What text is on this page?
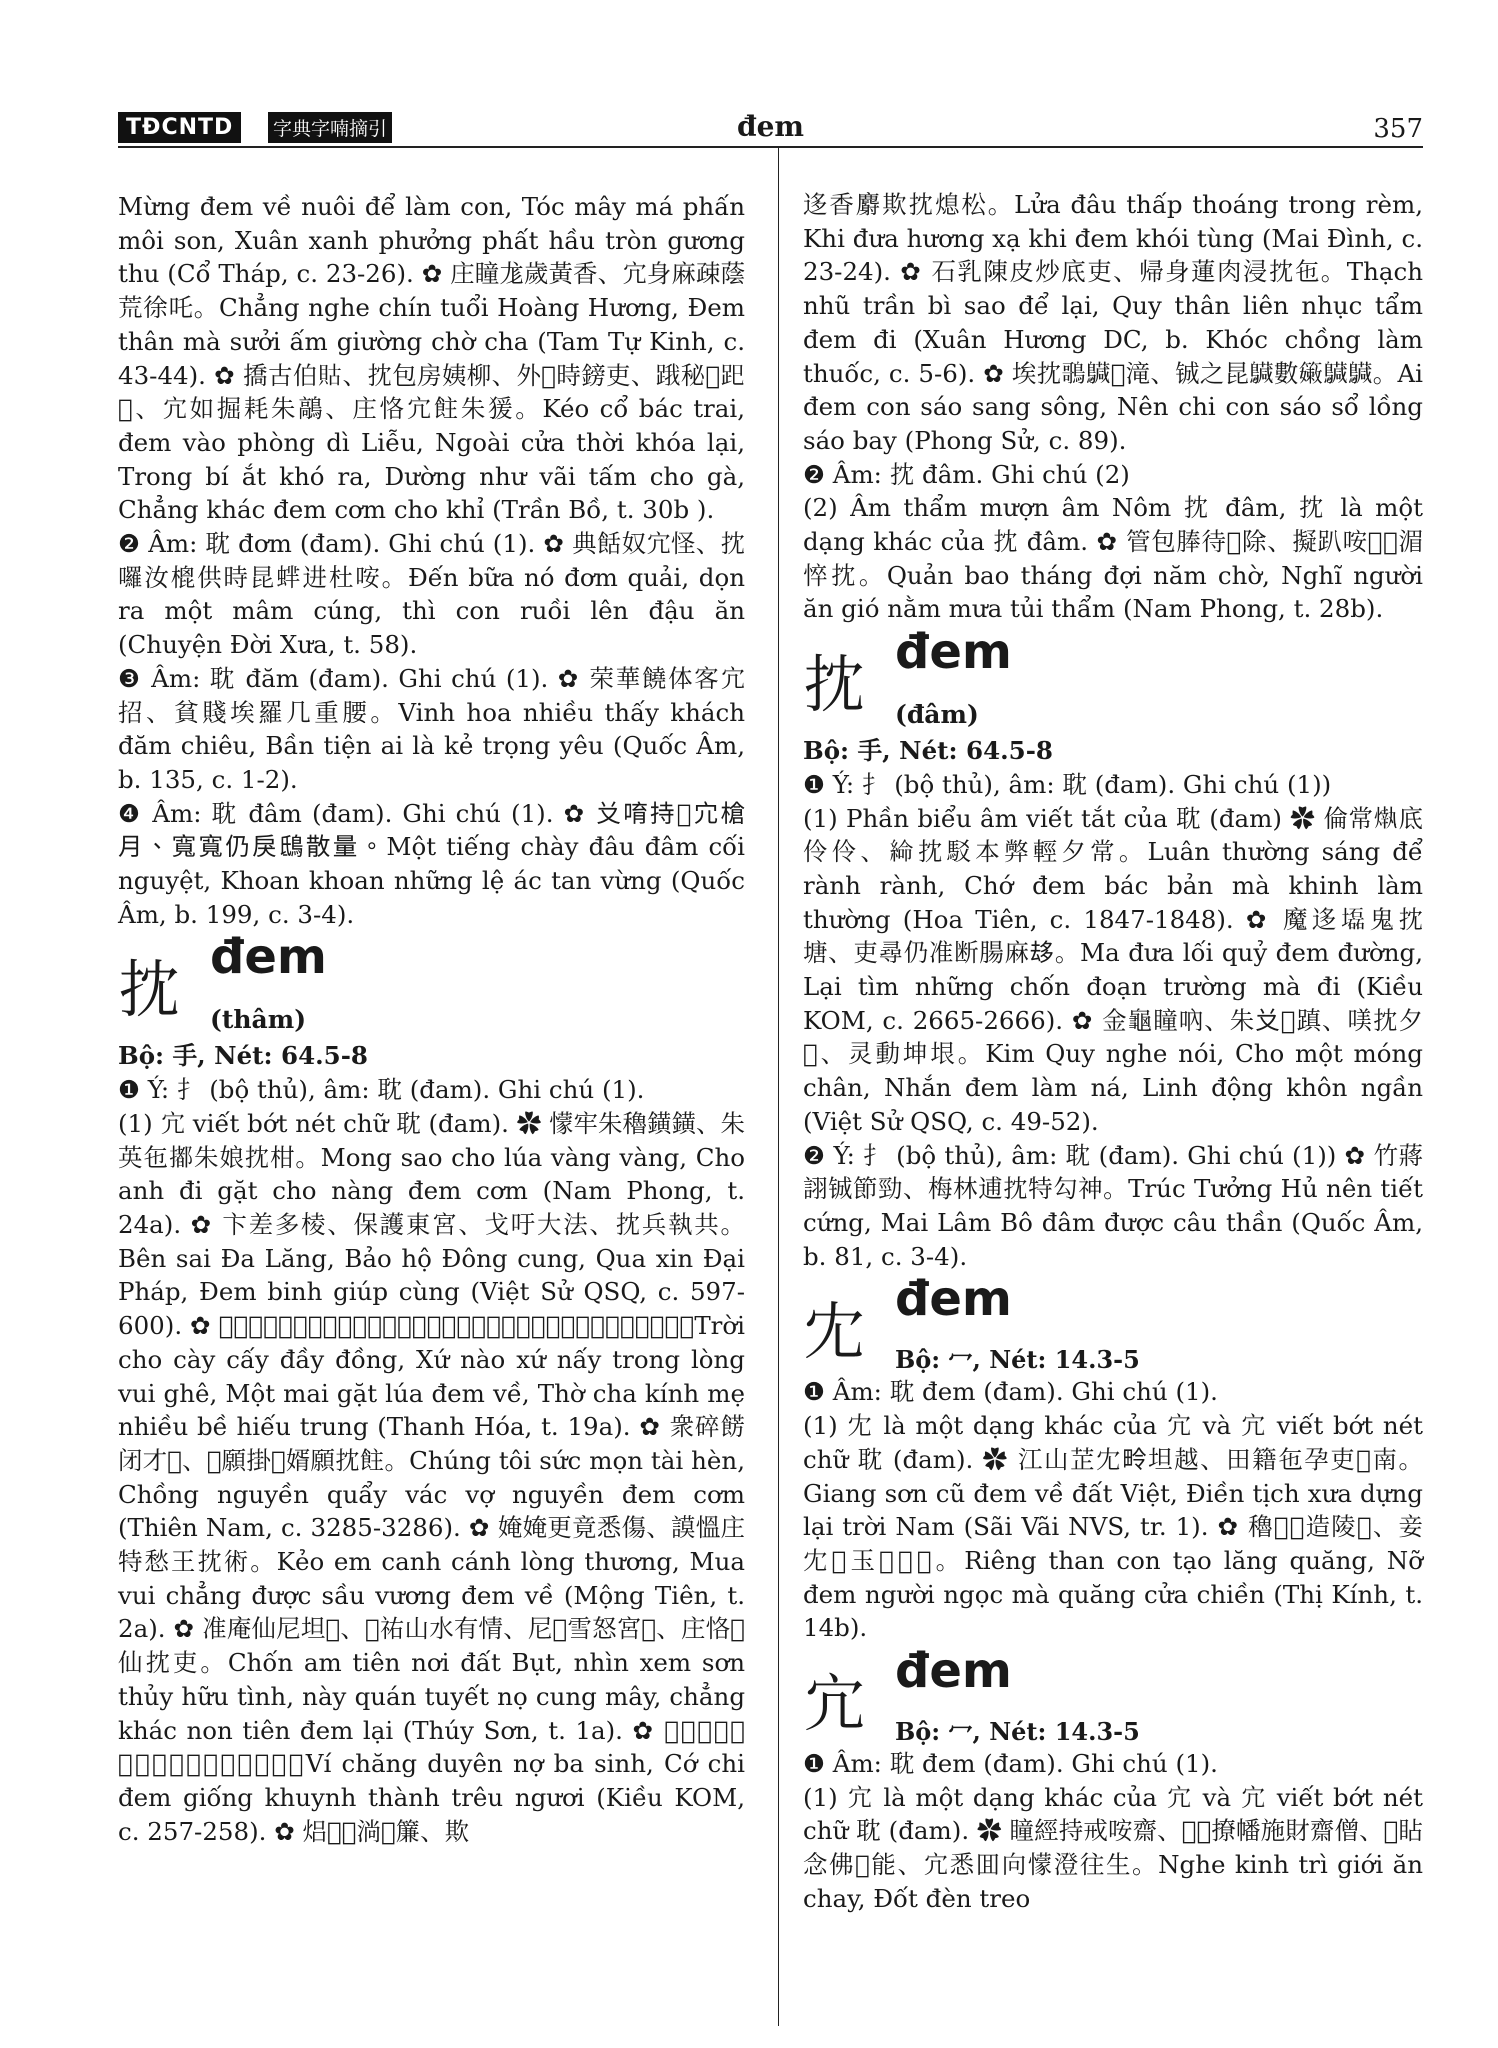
TĐCNTD	字典字喃摘引	đem	357

Mừng đem về nuôi để làm con, Tóc mây má phấn môi son, Xuân xanh phưởng phất hầu tròn gương thu (Cổ Tháp, c. 23-26). ✿ 庄瞳尨歲黃香、宂身麻疎蔭荒徐吒。Chẳng nghe chín tuổi Hoàng Hương, Đem thân mà sưởi ấm giường chờ cha (Tam Tự Kinh, c. 43-44). ✿ 撟古伯𧵑、抌包房姨柳、外𨷶時鎊吏、𨁟秘𠅳𧿆𦀺、宂如掘耗朱鶮、庄恪宂飳朱猨。Kéo cổ bác trai, đem vào phòng dì Liễu, Ngoài cửa thời khóa lại, Trong bí ắt khó ra, Dường như vãi tấm cho gà, Chẳng khác đem cơm cho khỉ (Trần Bồ, t. 30b ).

❷ Âm: 耽 đơm (đam). Ghi chú (1). ✿ 典餂奴宂怪、抌囉汝㮰供時昆蝆进杜咹。Đến bữa nó đơm quải, dọn ra một mâm cúng, thì con ruồi lên đậu ăn (Chuyện Đời Xưa, t. 58).

❸ Âm: 耽 đăm (đam). Ghi chú (1). ✿ 荣華饒体客宂招、貧賤埃羅几重腰。Vinh hoa nhiều thấy khách đăm chiêu, Bần tiện ai là kẻ trọng yêu (Quốc Âm, b. 135, c. 1-2).

❹ Âm: 耽 đâm (đam). Ghi chú (1). ✿ 𠬠唷持𢹣宂槍月、寬寬仍戾鴟散量。Một tiếng chày đâu đâm cối nguyệt, Khoan khoan những lệ ác tan vừng (Quốc Âm, b. 199, c. 3-4).

抌 đem
(thâm)

Bộ: 手, Nét: 64.5-8

❶ Ý: 扌 (bộ thủ), âm: 耽 (đam). Ghi chú (1).

(1) 宂 viết bớt nét chữ 耽 (đam). ✿ 懞牢朱穭鐄鐄、朱英㐌𢵋朱娘抌柑。Mong sao cho lúa vàng vàng, Cho anh đi gặt cho nàng đem cơm (Nam Phong, t. 24a). ✿ 卞差多棱、保護東宮、戈吁大法、抌兵執共。Bên sai Đa Lăng, Bảo hộ Đông cung, Qua xin Đại Pháp, Đem binh giúp cùng (Việt Sử QSQ, c. 597-600). ✿ 𡗶朱𦓿概浯同、處市處乃𨁟悉慍穭、沒𡗶𢵋穭抌術、蜍吒敬媄饒皮孝忠。Trời cho cày cấy đầy đồng, Xứ nào xứ nấy trong lòng vui ghê, Một mai gặt lúa đem về, Thờ cha kính mẹ nhiều bề hiếu trung (Thanh Hóa, t. 19a). ✿ 衆碎餝闭才𠢞、𩶬願掛𤄷婿願抌飳。Chúng tôi sức mọn tài hèn, Chồng nguyền quẩy vác vợ nguyền đem cơm (Thiên Nam, c. 3285-3286). ✿ 㛪㛪更竟悉傷、謨慍庄特愁王抌術。Kẻo em canh cánh lòng thương, Mua vui chẳng được sầu vương đem về (Mộng Tiên, t. 2a). ✿ 准庵仙尼坦𠬃、𥘀祐山水有情、尼𡹡雪怒宮𨓡、庄恪𡞕仙抌吏。Chốn am tiên nơi đất Bụt, nhìn xem sơn thủy hữu tình, này quán tuyết nọ cung mây, chẳng khác non tiên đem lại (Thúy Sơn, t. 1a). ✿ 𢧚庄緣㛪𣎏生、㨂之抌𩈘傾城𠻔𥇌。Ví chăng duyên nợ ba sinh, Cớ chi đem giống khuynh thành trêu ngươi (Kiều KOM, c. 257-258). ✿ 焒𢹣𤀗淌𨁟簾、欺

迻香麝欺抌熄松。Lửa đâu thấp thoáng trong rèm, Khi đưa hương xạ khi đem khói tùng (Mai Đình, c. 23-24). ✿ 石乳陳皮炒底吏、帰身蓮肉浸抌㐌。Thạch nhũ trần bì sao để lại, Quy thân liên nhục tẩm đem đi (Xuân Hương DC, b. Khóc chồng làm thuốc, c. 5-6). ✿ 埃抌𪃿𪇅𨖲滝、铖之昆𪇅數𥶄𪇅𪇅。Ai đem con sáo sang sông, Nên chi con sáo sổ lồng sáo bay (Phong Sử, c. 89).

❷ Âm: 抌 đâm. Ghi chú (2)

(2) Âm thẩm mượn âm Nôm 抌 đâm, 抌 là một dạng khác của 抌 đâm. ✿ 管包䏾待𨍦除、擬趴咹𩙍𦚖湄悴抌。Quản bao tháng đợi năm chờ, Nghĩ người ăn gió nằm mưa tủi thẩm (Nam Phong, t. 28b).

抌 đem
(đâm)

Bộ: 手, Nét: 64.5-8

❶ Ý: 扌 (bộ thủ), âm: 耽 (đam). Ghi chú (1))

(1) Phần biểu âm viết tắt của 耽 (đam) ✿ 倫常𤎒底伶伶、𦁸抌駁本㢢輕夕常。Luân thường sáng để rành rành, Chớ đem bác bản mà khinh làm thường (Hoa Tiên, c. 1847-1848). ✿ 魔迻𡓃鬼抌塘、吏尋仍准断腸麻𠫾。Ma đưa lối quỷ đem đường, Lại tìm những chốn đoạn trường mà đi (Kiều KOM, c. 2665-2666). ✿ 金龜瞳吶、朱𠬠𥯉蹎、𠸍抌夕𢂎、灵動坤垠。Kim Quy nghe nói, Cho một móng chân, Nhắn đem làm ná, Linh động khôn ngần (Việt Sử QSQ, c. 49-52).

❷ Ý: 扌 (bộ thủ), âm: 耽 (đam). Ghi chú (1)) ✿ 竹蔣詡铖節勁、梅林逋抌特勾神。Trúc Tưởng Hủ nên tiết cứng, Mai Lâm Bô đâm được câu thần (Quốc Âm, b. 81, c. 3-4).

冘 đem
Bộ: 冖, Nét: 14.3-5

❶ Âm: 耽 đem (đam). Ghi chú (1).

(1) 冘 là một dạng khác của 宂 và 宂 viết bớt nét chữ 耽 (đam). ✿ 江山𦭒冘𪽏坦越、田籍㐌孕吏𡗶南。Giang sơn cũ đem về đất Việt, Điền tịch xưa dựng lại trời Nam (Sãi Vãi NVS, tr. 1). ✿ 穭𡉦𪃿造陵𢴑、妾冘𢭲玉𢃱𡎝𠳚。Riêng than con tạo lăng quăng, Nỡ đem người ngọc mà quăng cửa chiền (Thị Kính, t. 14b).

宂 đem
Bộ: 冖, Nét: 14.3-5

❶ Âm: 耽 đem (đam). Ghi chú (1).

(1) 宂 là một dạng khác của 宂 và 宂 viết bớt nét chữ 耽 (đam). ✿ 瞳經持戒咹齋、𤐝𤇮撩幡施財齋僧、𦛋䀡念佛𢬣能、宂悉囬向懞澄往生。Nghe kinh trì giới ăn chay, Đốt đèn treo
